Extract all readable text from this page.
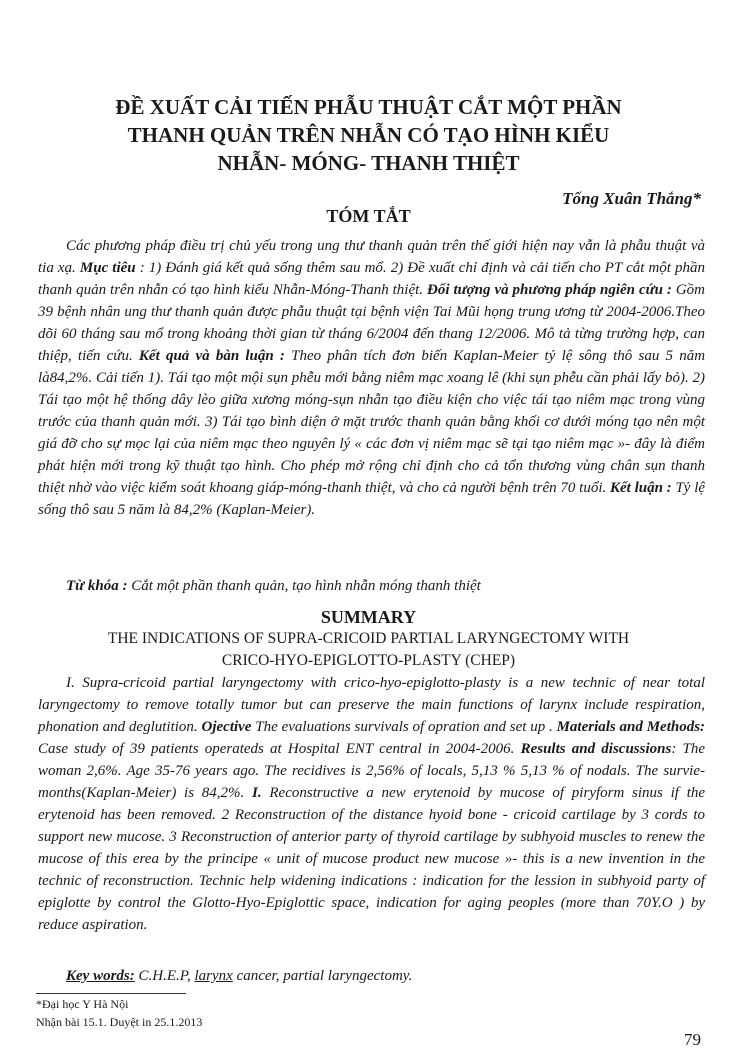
ĐỀ XUẤT CẢI TIẾN PHẪU THUẬT CẮT MỘT PHẦN
THANH QUẢN TRÊN NHẪN CÓ TẠO HÌNH KIỂU
NHẪN- MÓNG- THANH THIỆT
Tống Xuân Thắng*
TÓM TẮT

Các phương pháp điều trị chủ yếu trong ung thư thanh quản trên thế giới hiện nay vẫn là phẫu thuật và tia xạ. Mục tiêu : 1) Đánh giá kết quả sống thêm sau mổ. 2) Đề xuất chỉ định và cải tiến cho PT cắt một phần thanh quản trên nhẫn có tạo hình kiểu Nhẫn-Móng-Thanh thiệt. Đối tượng và phương pháp ngiên cứu : Gồm 39 bệnh nhân ung thư thanh quản được phẫu thuật tại bệnh viện Tai Mũi họng trung ương từ 2004-2006.Theo dõi 60 tháng sau mổ trong khoảng thời gian từ tháng 6/2004 đến thang 12/2006. Mô tả từng trường hợp, can thiệp, tiến cứu. Kết quả và bàn luận : Theo phân tích đơn biến Kaplan-Meier tỷ lệ sông thô sau 5 năm là84,2%. Cải tiến 1). Tái tạo một mội sụn phễu mới bằng niêm mạc xoang lê (khi sụn phễu cần phải lấy bỏ). 2) Tái tạo một hệ thống dây lèo giữa xương móng-sụn nhẫn tạo điều kiện cho việc tái tạo niêm mạc trong vùng trước của thanh quản mới. 3) Tái tạo bình diện ở mặt trước thanh quản bằng khối cơ dưới móng tạo nên một giá đỡ cho sự mọc lại của niêm mạc theo nguyên lý « các đơn vị niêm mạc sẽ tại tạo niêm mạc »- đây là điểm phát hiện mới trong kỹ thuật tạo hình. Cho phép mở rộng chỉ định cho cả tổn thương vùng chân sụn thanh thiệt nhờ vào việc kiểm soát khoang giáp-móng-thanh thiệt, và cho cả người bệnh trên 70 tuổi. Kết luận : Tỷ lệ sống thô sau 5 năm là 84,2% (Kaplan-Meier).

Từ khóa : Cắt một phần thanh quản, tạo hình nhẫn móng thanh thiệt
SUMMARY
THE INDICATIONS OF SUPRA-CRICOID PARTIAL LARYNGECTOMY WITH
CRICO-HYO-EPIGLOTTO-PLASTY (CHEP)

I. Supra-cricoid partial laryngectomy with crico-hyo-epiglotto-plasty is a new technic of near total laryngectomy to remove totally tumor but can preserve the main functions of larynx include respiration, phonation and deglutition. Ojective The evaluations survivals of opration and set up . Materials and Methods: Case study of 39 patients operateds at Hospital ENT central in 2004-2006. Results and discussions: The woman 2,6%. Age 35-76 years ago. The recidives is 2,56% of locals, 5,13 % 5,13 % of nodals. The survie-months(Kaplan-Meier) is 84,2%. I. Reconstructive a new erytenoid by mucose of piryform sinus if the erytenoid has been removed. 2 Reconstruction of the distance hyoid bone - cricoid cartilage by 3 cords to support new mucose. 3 Reconstruction of anterior party of thyroid cartilage by subhyoid muscles to renew the mucose of this erea by the principe « unit of mucose product new mucose »- this is a new invention in the technic of reconstruction. Technic help widening indications : indication for the lession in subhyoid party of epiglotte by control the Glotto-Hyo-Epiglottic space, indication for aging peoples (more than 70Y.O ) by reduce aspiration.

Key words: C.H.E.P, larynx cancer, partial laryngectomy.
*Đại học Y Hà Nội
Nhận bài 15.1. Duyệt in 25.1.2013
79
